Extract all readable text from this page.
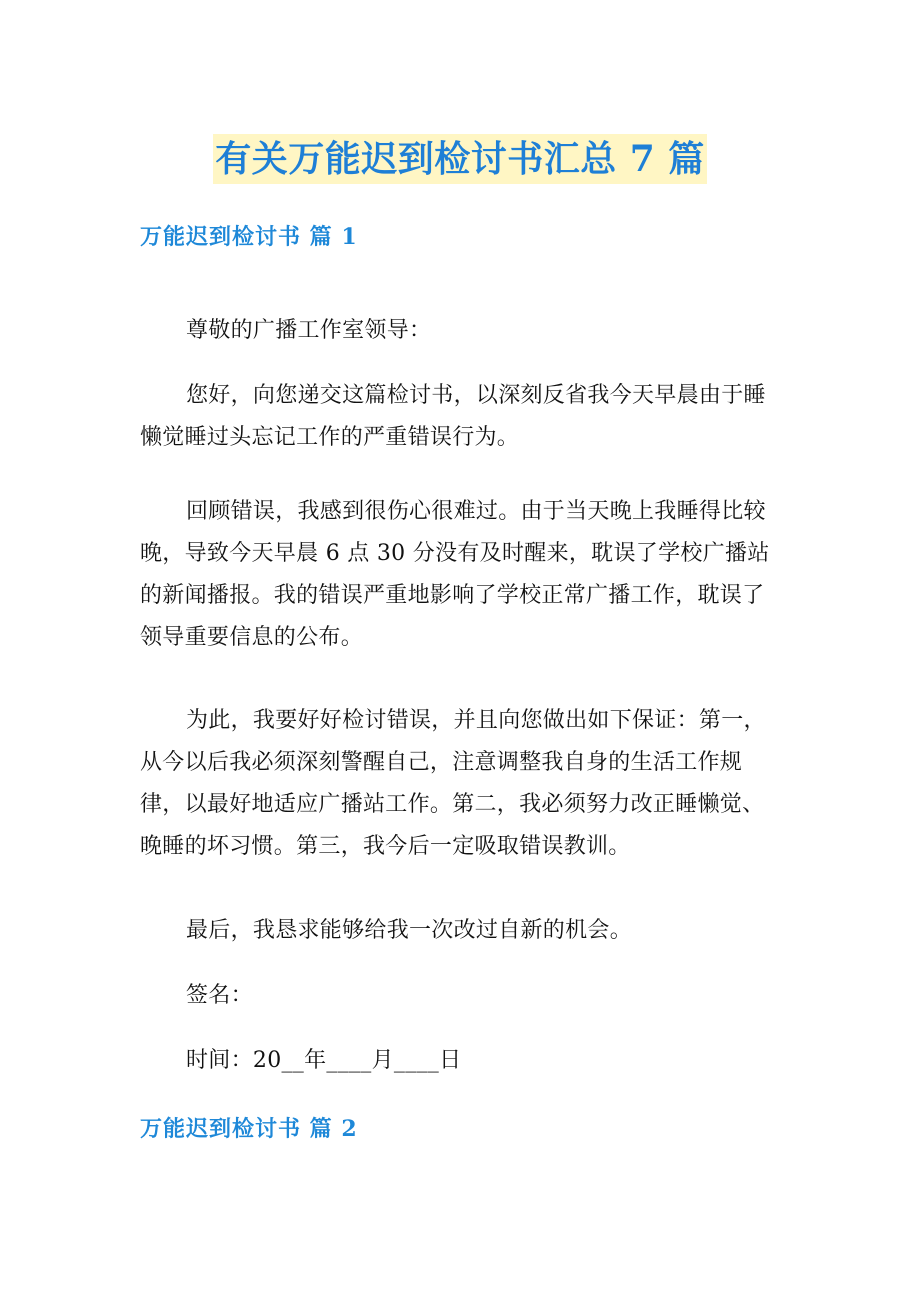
有关万能迟到检讨书汇总 7 篇
万能迟到检讨书 篇 1

尊敬的广播工作室领导：

您好，向您递交这篇检讨书，以深刻反省我今天早晨由于睡懒觉睡过头忘记工作的严重错误行为。

回顾错误，我感到很伤心很难过。由于当天晚上我睡得比较晚，导致今天早晨 6 点 30 分没有及时醒来，耽误了学校广播站的新闻播报。我的错误严重地影响了学校正常广播工作，耽误了领导重要信息的公布。

为此，我要好好检讨错误，并且向您做出如下保证：第一，从今以后我必须深刻警醒自己，注意调整我自身的生活工作规律，以最好地适应广播站工作。第二，我必须努力改正睡懒觉、晚睡的坏习惯。第三，我今后一定吸取错误教训。

最后，我恳求能够给我一次改过自新的机会。

签名：

时间：20__年____月____日

万能迟到检讨书 篇 2
